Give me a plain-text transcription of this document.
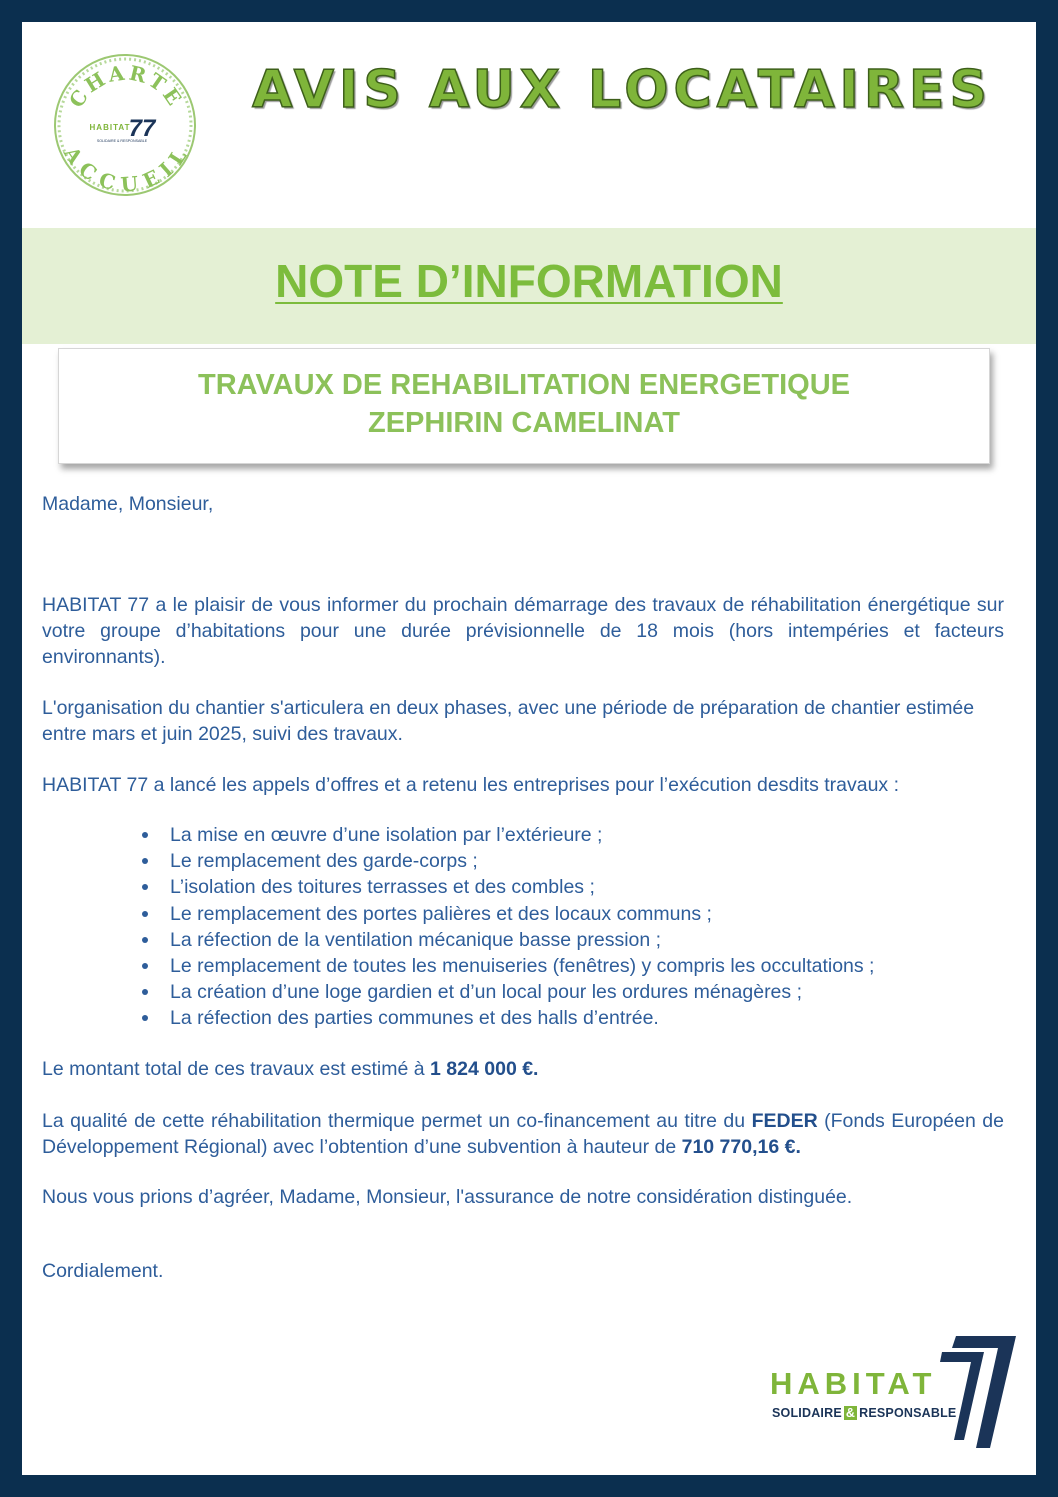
CHARTE
ACCUEIL
HABITAT
77
SOLIDAIRE & RESPONSABLE
AVIS AUX LOCATAIRES
NOTE D’INFORMATION
TRAVAUX DE REHABILITATION ENERGETIQUE
ZEPHIRIN CAMELINAT
Madame, Monsieur,
HABITAT 77 a le plaisir de vous informer du prochain démarrage des travaux de réhabilitation énergétique sur votre groupe d’habitations pour une durée prévisionnelle de 18 mois (hors intempéries et facteurs environnants).
L'organisation du chantier s'articulera en deux phases, avec une période de préparation de chantier estimée entre mars et juin 2025, suivi des travaux.
HABITAT 77 a lancé les appels d’offres et a retenu les entreprises pour l’exécution desdits travaux :
La mise en œuvre d’une isolation par l’extérieure ;
Le remplacement des garde-corps ;
L’isolation des toitures terrasses et des combles ;
Le remplacement des portes palières et des locaux communs ;
La réfection de la ventilation mécanique basse pression ;
Le remplacement de toutes les menuiseries (fenêtres) y compris les occultations ;
La création d’une loge gardien et d’un local pour les ordures ménagères ;
La réfection des parties communes et des halls d’entrée.
Le montant total de ces travaux est estimé à 1 824 000 €.
La qualité de cette réhabilitation thermique permet un co-financement au titre du FEDER (Fonds Européen de Développement Régional) avec l’obtention d’une subvention à hauteur de 710 770,16 €.
Nous vous prions d’agréer, Madame, Monsieur, l'assurance de notre considération distinguée.
Cordialement.
HABITAT
SOLIDAIRE & RESPONSABLE
